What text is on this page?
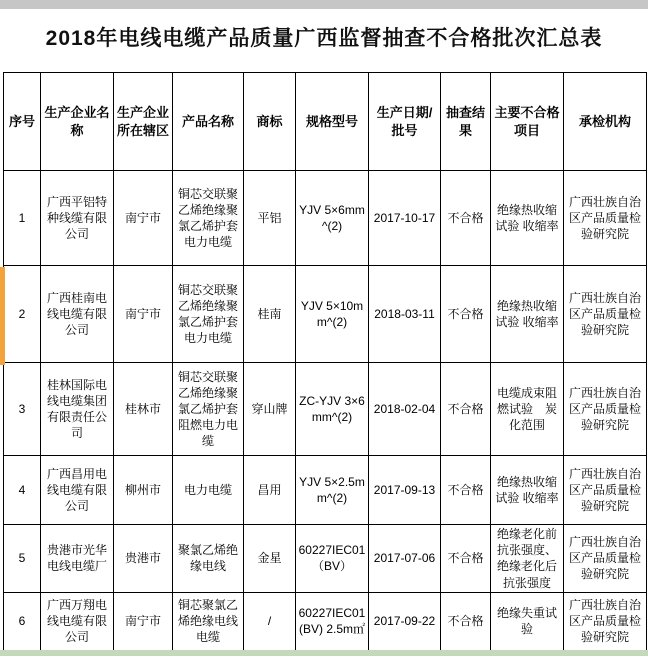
2018年电线电缆产品质量广西监督抽查不合格批次汇总表
序号	生产企业名称	生产企业所在辖区	产品名称	商标	规格型号	生产日期/批号	抽查结果	主要不合格项目	承检机构
1	广西平铝特种线缆有限公司	南宁市	铜芯交联聚乙烯绝缘聚氯乙烯护套电力电缆	平铝	YJV 5×6mm^(2)	2017-10-17	不合格	绝缘热收缩试验 收缩率	广西壮族自治区产品质量检验研究院
2	广西桂南电线电缆有限公司	南宁市	铜芯交联聚乙烯绝缘聚氯乙烯护套电力电缆	桂南	YJV 5×10mm^(2)	2018-03-11	不合格	绝缘热收缩试验 收缩率	广西壮族自治区产品质量检验研究院
3	桂林国际电线电缆集团有限责任公司	桂林市	铜芯交联聚乙烯绝缘聚氯乙烯护套阻燃电力电缆	穿山牌	ZC-YJV 3×6mm^(2)	2018-02-04	不合格	电缆成束阻燃试验　炭化范围	广西壮族自治区产品质量检验研究院
4	广西昌用电线电缆有限公司	柳州市	电力电缆	昌用	YJV 5×2.5mm^(2)	2017-09-13	不合格	绝缘热收缩试验 收缩率	广西壮族自治区产品质量检验研究院
5	贵港市光华电线电缆厂	贵港市	聚氯乙烯绝缘电线	金星	60227IEC01（BV）	2017-07-06	不合格	绝缘老化前抗张强度、绝缘老化后抗张强度	广西壮族自治区产品质量检验研究院
6	广西万翔电线电缆有限公司	南宁市	铜芯聚氯乙烯绝缘电线电缆	/	60227IEC01(BV) 2.5m㎡	2017-09-22	不合格	绝缘失重试验	广西壮族自治区产品质量检验研究院
